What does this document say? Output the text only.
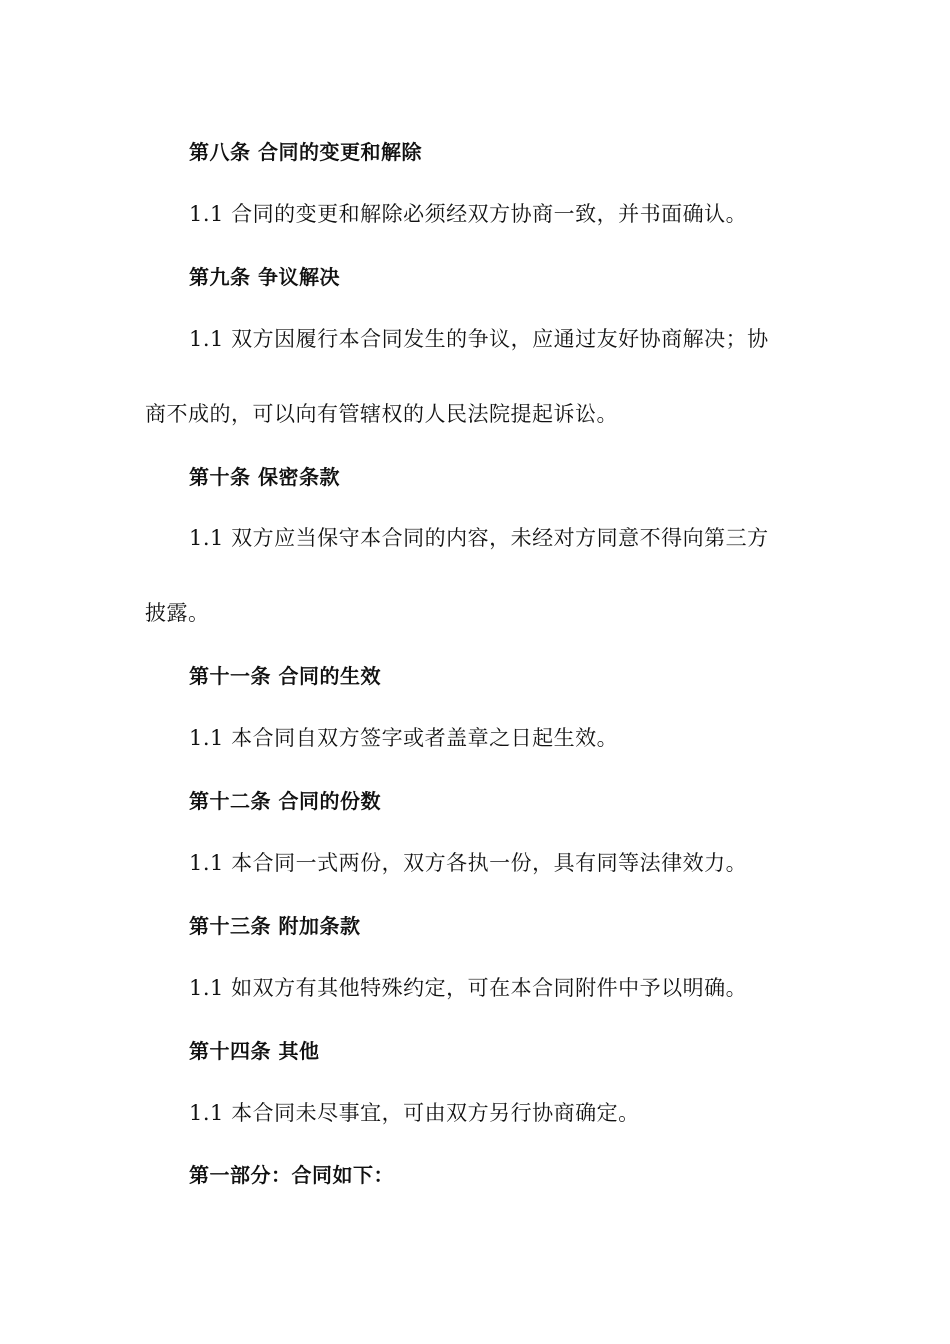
第八条 合同的变更和解除
1.1 合同的变更和解除必须经双方协商一致，并书面确认。
第九条 争议解决
1.1 双方因履行本合同发生的争议，应通过友好协商解决；协
商不成的，可以向有管辖权的人民法院提起诉讼。
第十条 保密条款
1.1 双方应当保守本合同的内容，未经对方同意不得向第三方
披露。
第十一条 合同的生效
1.1 本合同自双方签字或者盖章之日起生效。
第十二条 合同的份数
1.1 本合同一式两份，双方各执一份，具有同等法律效力。
第十三条 附加条款
1.1 如双方有其他特殊约定，可在本合同附件中予以明确。
第十四条 其他
1.1 本合同未尽事宜，可由双方另行协商确定。
第一部分：合同如下：
